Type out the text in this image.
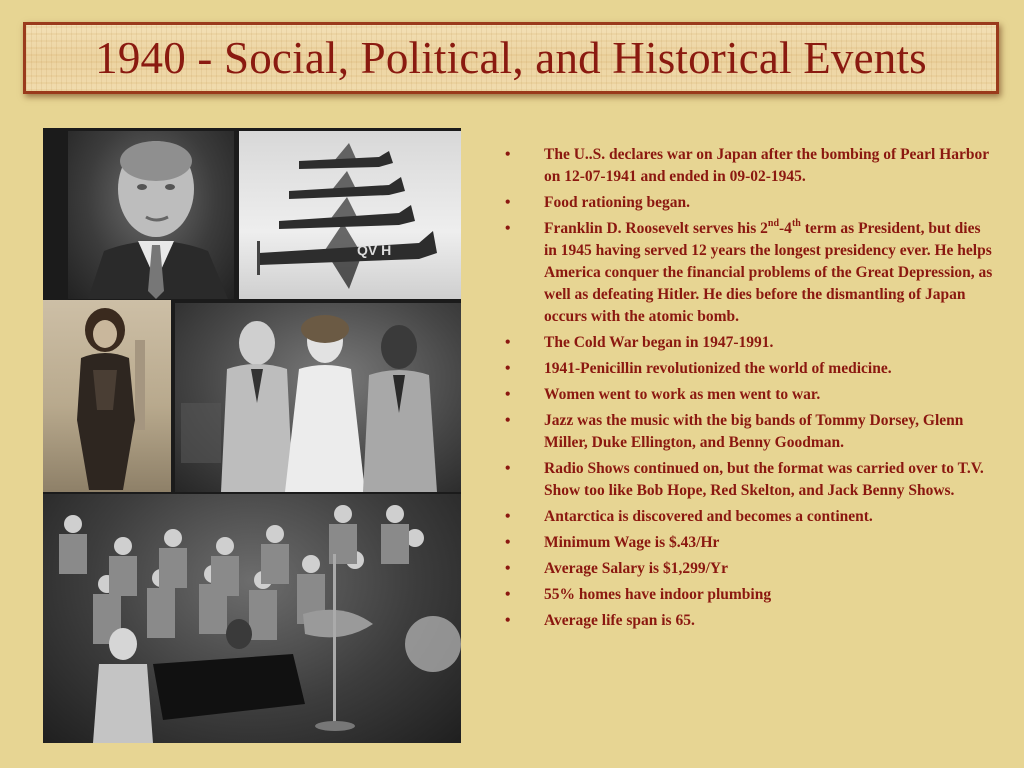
1940 - Social, Political, and Historical Events
QV H
• The U..S. declares war on Japan after the bombing of Pearl Harbor on 12-07-1941 and ended in 09-02-1945.
• Food rationing began.
• Franklin D. Roosevelt serves his 2nd-4th term as President, but dies in 1945 having served 12 years the longest presidency ever. He helps America conquer the financial problems of the Great Depression, as well as defeating Hitler. He dies before the dismantling of Japan occurs with the atomic bomb.
• The Cold War began in 1947-1991.
• 1941-Penicillin revolutionized the world of medicine.
• Women went to work as men went to war.
• Jazz was the music with the big bands of Tommy Dorsey, Glenn Miller, Duke Ellington, and Benny Goodman.
• Radio Shows continued on, but the format was carried over to T.V. Show too like Bob Hope, Red Skelton, and Jack Benny Shows.
• Antarctica is discovered and becomes a continent.
• Minimum Wage is $.43/Hr
• Average Salary is $1,299/Yr
• 55% homes have indoor plumbing
• Average life span is 65.
